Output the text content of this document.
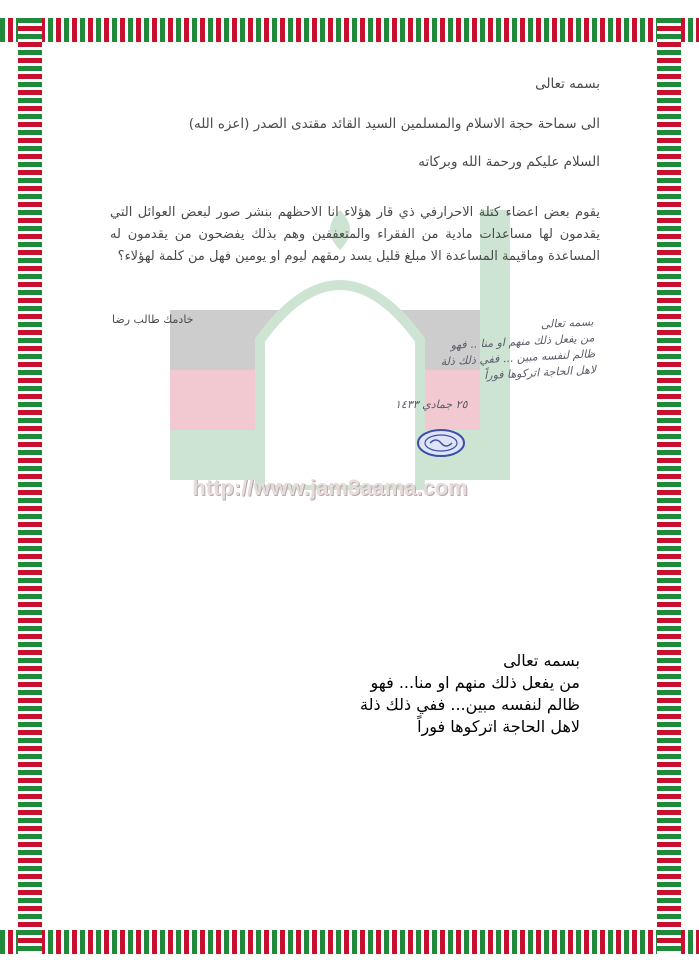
http://www.jam3aama.com

بسمه تعالى

الى سماحة حجة الاسلام والمسلمين السيد القائد مقتدى الصدر (اعزه الله)

السلام عليكم ورحمة الله وبركاته

يقوم بعض اعضاء كتلة الاحرارفي ذي قار هؤلاء انا الاحظهم بنشر صور لبعض العوائل التي يقدمون لها مساعدات مادية من الفقراء والمتعففين وهم بذلك يفضحون من يقدمون له المساعدة وماقيمة المساعدة الا مبلغ قليل يسد رمقهم ليوم او يومين فهل من كلمة لهؤلاء؟

خادمك طالب رضا	بسمه تعالى
من يفعل ذلك منهم او منا .. فهو
ظالم لنفسه مبين ... ففي ذلك ذلة
لاهل الحاجة اتركوها فوراً
٢٥ جمادي ١٤٣٣
بسمه تعالى
من يفعل ذلك منهم او منا... فهو
ظالم لنفسه مبين... ففي ذلك ذلة
لاهل الحاجة اتركوها فوراً
